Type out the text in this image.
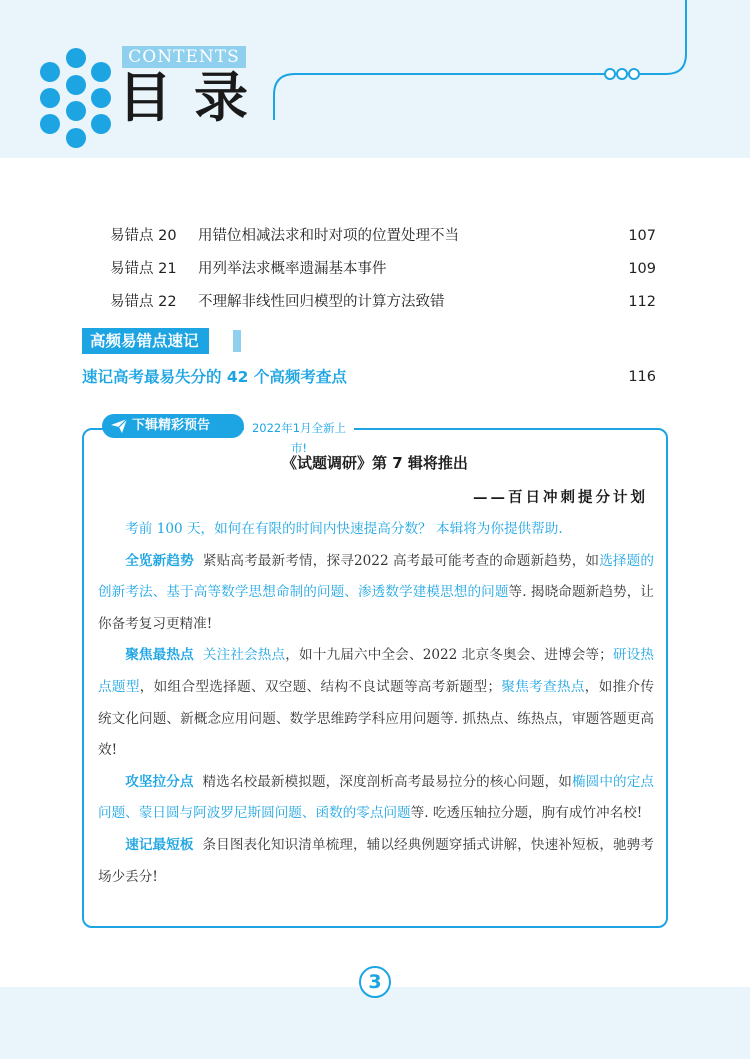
CONTENTS
目录
易错点 20 用错位相减法求和时对项的位置处理不当	107
易错点 21 用列举法求概率遗漏基本事件	109
易错点 22 不理解非线性回归模型的计算方法致错	112
高频易错点速记
速记高考最易失分的 42 个高频考查点	116
下辑精彩预告	2022年1月全新上市!
《试题调研》第 7 辑将推出
——百日冲刺提分计划

考前 100 天，如何在有限的时间内快速提高分数？ 本辑将为你提供帮助.

全览新趋势 紧贴高考最新考情，探寻2022 高考最可能考查的命题新趋势，如选择题的创新考法、基于高等数学思想命制的问题、渗透数学建模思想的问题等. 揭晓命题新趋势，让你备考复习更精准!

聚焦最热点 关注社会热点，如十九届六中全会、2022 北京冬奥会、进博会等；研设热点题型，如组合型选择题、双空题、结构不良试题等高考新题型；聚焦考查热点，如推介传统文化问题、新概念应用问题、数学思维跨学科应用问题等. 抓热点、练热点，审题答题更高效!

攻坚拉分点 精选名校最新模拟题，深度剖析高考最易拉分的核心问题，如椭圆中的定点问题、蒙日圆与阿波罗尼斯圆问题、函数的零点问题等. 吃透压轴拉分题，朐有成竹冲名校!

速记最短板 条目图表化知识清单梳理，辅以经典例题穿插式讲解，快速补短板，驰骋考场少丢分!

3
